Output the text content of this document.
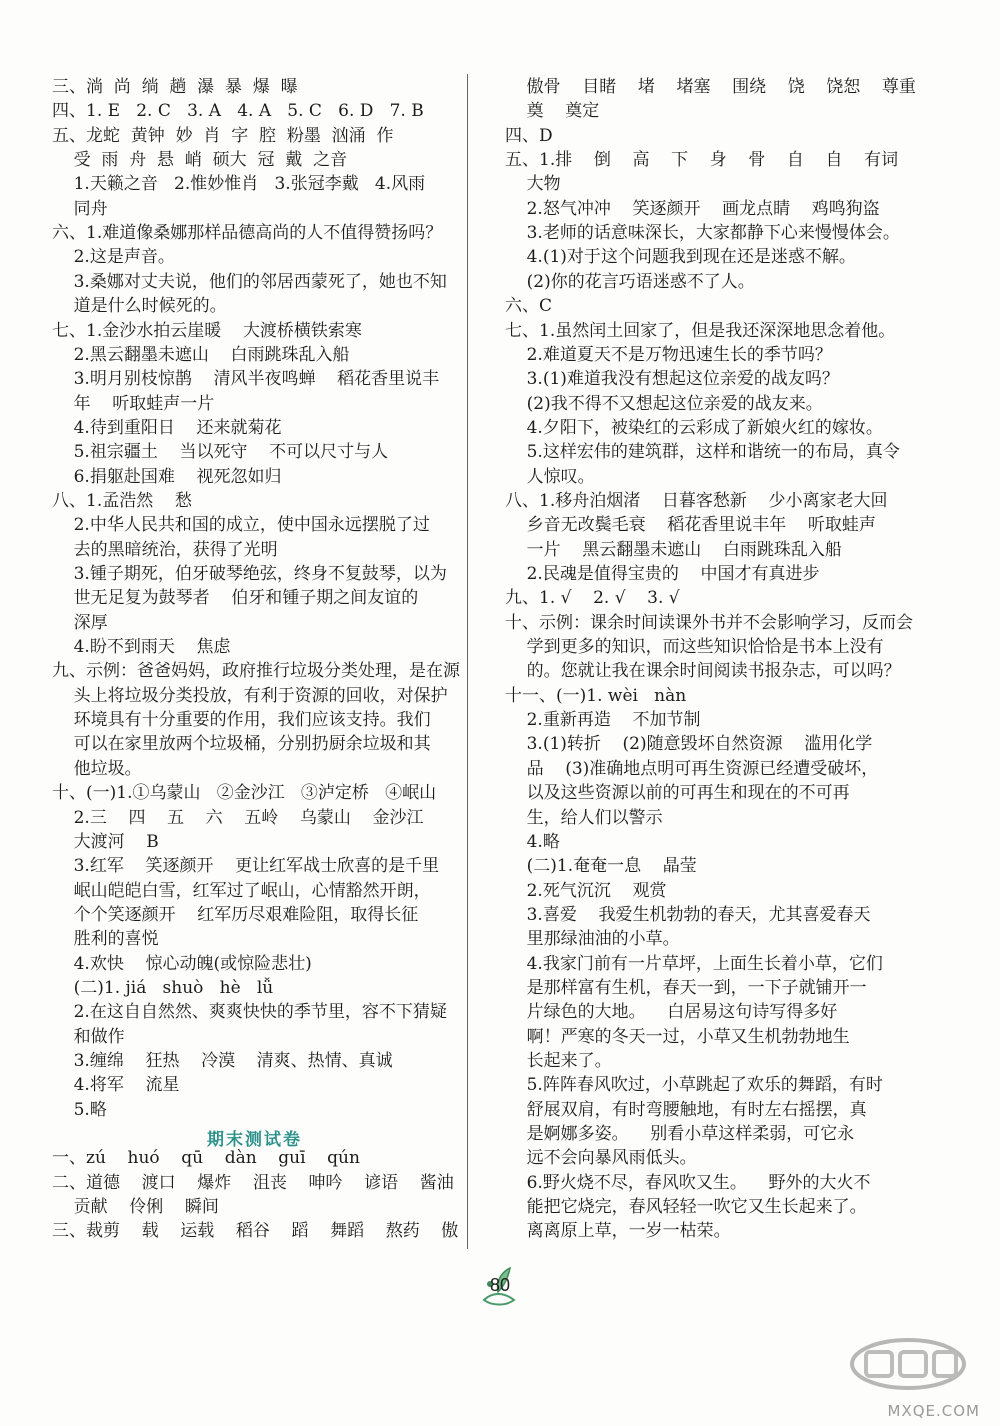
三、淌  尚  绱  趟  瀑  暴  爆  曝
四、1. E   2. C   3. A   4. A   5. C   6. D   7. B
五、龙蛇  黄钟  妙  肖  字  腔  粉墨  汹涌  作
受  雨  舟  悬  峭  硕大  冠  戴  之音
1.天籁之音   2.惟妙惟肖   3.张冠李戴   4.风雨
同舟
六、1.难道像桑娜那样品德高尚的人不值得赞扬吗？
2.这是声音。
3.桑娜对丈夫说，他们的邻居西蒙死了，她也不知
道是什么时候死的。
七、1.金沙水拍云崖暖    大渡桥横铁索寒
2.黑云翻墨未遮山    白雨跳珠乱入船
3.明月别枝惊鹊    清风半夜鸣蝉    稻花香里说丰
年    听取蛙声一片
4.待到重阳日    还来就菊花
5.祖宗疆土    当以死守    不可以尺寸与人
6.捐躯赴国难    视死忽如归
八、1.孟浩然    愁
2.中华人民共和国的成立，使中国永远摆脱了过
去的黑暗统治，获得了光明
3.锺子期死，伯牙破琴绝弦，终身不复鼓琴，以为
世无足复为鼓琴者    伯牙和锺子期之间友谊的
深厚
4.盼不到雨天    焦虑
九、示例：爸爸妈妈，政府推行垃圾分类处理，是在源
头上将垃圾分类投放，有利于资源的回收，对保护
环境具有十分重要的作用，我们应该支持。我们
可以在家里放两个垃圾桶，分别扔厨余垃圾和其
他垃圾。
十、(一)1.①乌蒙山   ②金沙江   ③泸定桥   ④岷山
2.三    四    五    六    五岭    乌蒙山    金沙江
大渡河    B
3.红军    笑逐颜开    更让红军战士欣喜的是千里
岷山皑皑白雪，红军过了岷山，心情豁然开朗，
个个笑逐颜开    红军历尽艰难险阻，取得长征
胜利的喜悦
4.欢快    惊心动魄(或惊险悲壮)
(二)1. jiá   shuò   hè   lǚ
2.在这自自然然、爽爽快快的季节里，容不下猜疑
和做作
3.缠绵    狂热    冷漠    清爽、热情、真诚
4.将军    流星
5.略
期末测试卷
一、zú    huó    qū    dàn    guī    qún
二、道德    渡口    爆炸    沮丧    呻吟    谚语    酱油
贡献    伶俐    瞬间
三、裁剪    载    运载    稻谷    蹈    舞蹈    熬药    傲
傲骨    目睹    堵    堵塞    围绕    饶    饶恕    尊重
奠    奠定
四、D
五、1.排    倒    高    下    身    骨    自    自    有词
大物
2.怒气冲冲    笑逐颜开    画龙点睛    鸡鸣狗盗
3.老师的话意味深长，大家都静下心来慢慢体会。
4.(1)对于这个问题我到现在还是迷惑不解。
(2)你的花言巧语迷惑不了人。
六、C
七、1.虽然闰土回家了，但是我还深深地思念着他。
2.难道夏天不是万物迅速生长的季节吗？
3.(1)难道我没有想起这位亲爱的战友吗？
(2)我不得不又想起这位亲爱的战友来。
4.夕阳下，被染红的云彩成了新娘火红的嫁妆。
5.这样宏伟的建筑群，这样和谐统一的布局，真令
人惊叹。
八、1.移舟泊烟渚    日暮客愁新    少小离家老大回
乡音无改鬓毛衰    稻花香里说丰年    听取蛙声
一片    黑云翻墨未遮山    白雨跳珠乱入船
2.民魂是值得宝贵的    中国才有真进步
九、1. √    2. √    3. √
十、示例：课余时间读课外书并不会影响学习，反而会
学到更多的知识，而这些知识恰恰是书本上没有
的。您就让我在课余时间阅读书报杂志，可以吗？
十一、(一)1. wèi   nàn
2.重新再造    不加节制
3.(1)转折    (2)随意毁坏自然资源    滥用化学
品    (3)准确地点明可再生资源已经遭受破坏，
以及这些资源以前的可再生和现在的不可再
生，给人们以警示
4.略
(二)1.奄奄一息    晶莹
2.死气沉沉    观赏
3.喜爱    我爱生机勃勃的春天，尤其喜爱春天
里那绿油油的小草。
4.我家门前有一片草坪，上面生长着小草，它们
是那样富有生机，春天一到，一下子就铺开一
片绿色的大地。    白居易这句诗写得多好
啊！严寒的冬天一过，小草又生机勃勃地生
长起来了。
5.阵阵春风吹过，小草跳起了欢乐的舞蹈，有时
舒展双肩，有时弯腰触地，有时左右摇摆，真
是婀娜多姿。    别看小草这样柔弱，可它永
远不会向暴风雨低头。
6.野火烧不尽，春风吹又生。    野外的大火不
能把它烧完，春风轻轻一吹它又生长起来了。
离离原上草，一岁一枯荣。
80
MXQE.COM
